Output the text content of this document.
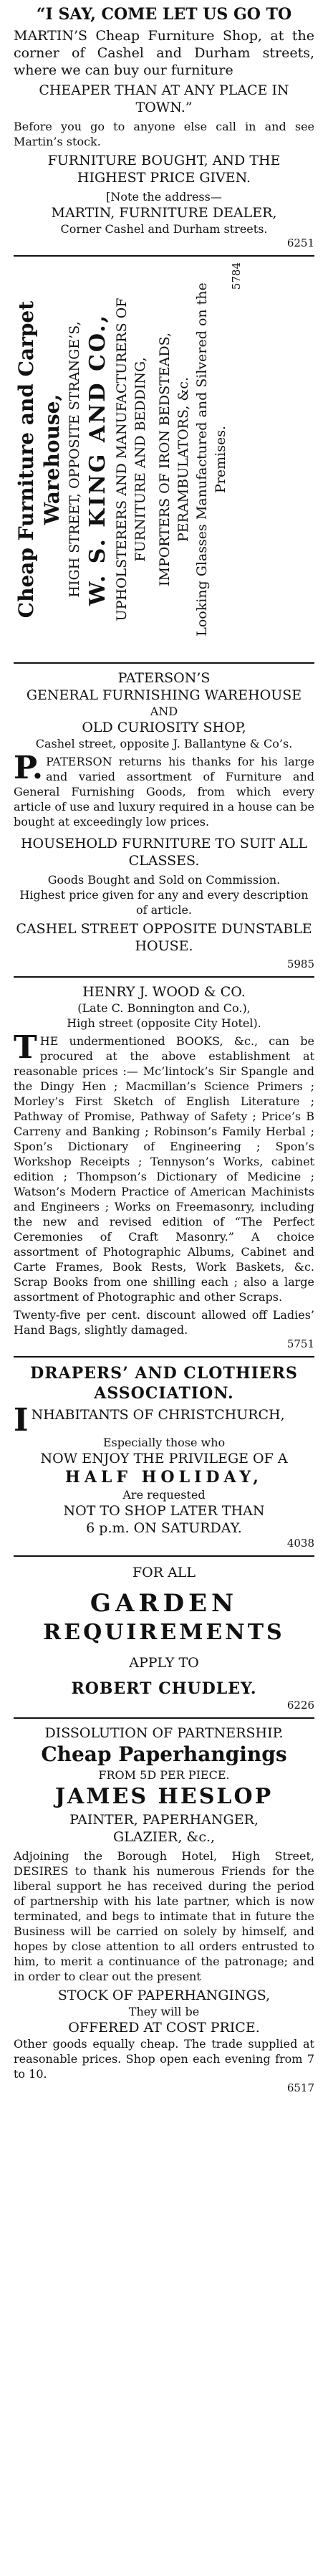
“I SAY, COME LET US GO TO
MARTIN’S Cheap Furniture Shop, at the corner of Cashel and Durham streets, where we can buy our furniture
CHEAPER THAN AT ANY PLACE IN TOWN.”
Before you go to anyone else call in and see Martin’s stock.
FURNITURE BOUGHT, AND THE HIGHEST PRICE GIVEN.
[Note the address—
MARTIN, FURNITURE DEALER,
Corner Cashel and Durham streets.
6251
Cheap Furniture and Carpet Warehouse, HIGH STREET, OPPOSITE STRANGE’S, W. S. KING AND CO., UPHOLSTERERS AND MANUFACTURERS OF FURNITURE AND BEDDING, IMPORTERS OF IRON BEDSTEADS, PERAMBULATORS, &c. Looking Glasses Manufactured and Silvered on the Premises.
5784
PATERSON’S
GENERAL FURNISHING WAREHOUSE
AND
OLD CURIOSITY SHOP,
Cashel street, opposite J. Ballantyne & Co’s.
P. PATERSON returns his thanks for his large and varied assortment of Furniture and General Furnishing Goods, from which every article of use and luxury required in a house can be bought at exceedingly low prices.
HOUSEHOLD FURNITURE TO SUIT ALL CLASSES.
Goods Bought and Sold on Commission.
Highest price given for any and every description of article.
CASHEL STREET OPPOSITE DUNSTABLE HOUSE.
5985
HENRY J. WOOD & CO.
(Late C. Bonnington and Co.),
High street (opposite City Hotel).
T HE undermentioned BOOKS, &c., can be procured at the above establishment at reasonable prices :— Mc’lintock’s Sir Spangle and the Dingy Hen ; Macmillan’s Science Primers ; Morley’s First Sketch of English Literature ; Pathway of Promise, Pathway of Safety ; Price’s B Carreny and Banking ; Robinson’s Family Herbal ; Spon’s Dictionary of Engineering ; Spon’s Workshop Receipts ; Tennyson’s Works, cabinet edition ; Thompson’s Dictionary of Medicine ; Watson’s Modern Practice of American Machinists and Engineers ; Works on Freemasonry, including the new and revised edition of “The Perfect Ceremonies of Craft Masonry.” A choice assortment of Photographic Albums, Cabinet and Carte Frames, Book Rests, Work Baskets, &c. Scrap Books from one shilling each ; also a large assortment of Photographic and other Scraps.
Twenty-five per cent. discount allowed off Ladies’ Hand Bags, slightly damaged.
5751
DRAPERS’ AND CLOTHIERS ASSOCIATION.
I NHABITANTS OF CHRISTCHURCH,
Especially those who
NOW ENJOY THE PRIVILEGE OF A
HALF HOLIDAY,
Are requested
NOT TO SHOP LATER THAN
6 p.m. ON SATURDAY.
4038
FOR ALL
GARDEN
REQUIREMENTS
APPLY TO
ROBERT CHUDLEY.
6226
DISSOLUTION OF PARTNERSHIP.
Cheap Paperhangings
FROM 5D PER PIECE.
JAMES HESLOP
PAINTER, PAPERHANGER,
GLAZIER, &c.,
Adjoining the Borough Hotel, High Street, DESIRES to thank his numerous Friends for the liberal support he has received during the period of partnership with his late partner, which is now terminated, and begs to intimate that in future the Business will be carried on solely by himself, and hopes by close attention to all orders entrusted to him, to merit a continuance of the patronage; and in order to clear out the present
STOCK OF PAPERHANGINGS,
They will be
OFFERED AT COST PRICE.
Other goods equally cheap. The trade supplied at reasonable prices. Shop open each evening from 7 to 10.
6517
